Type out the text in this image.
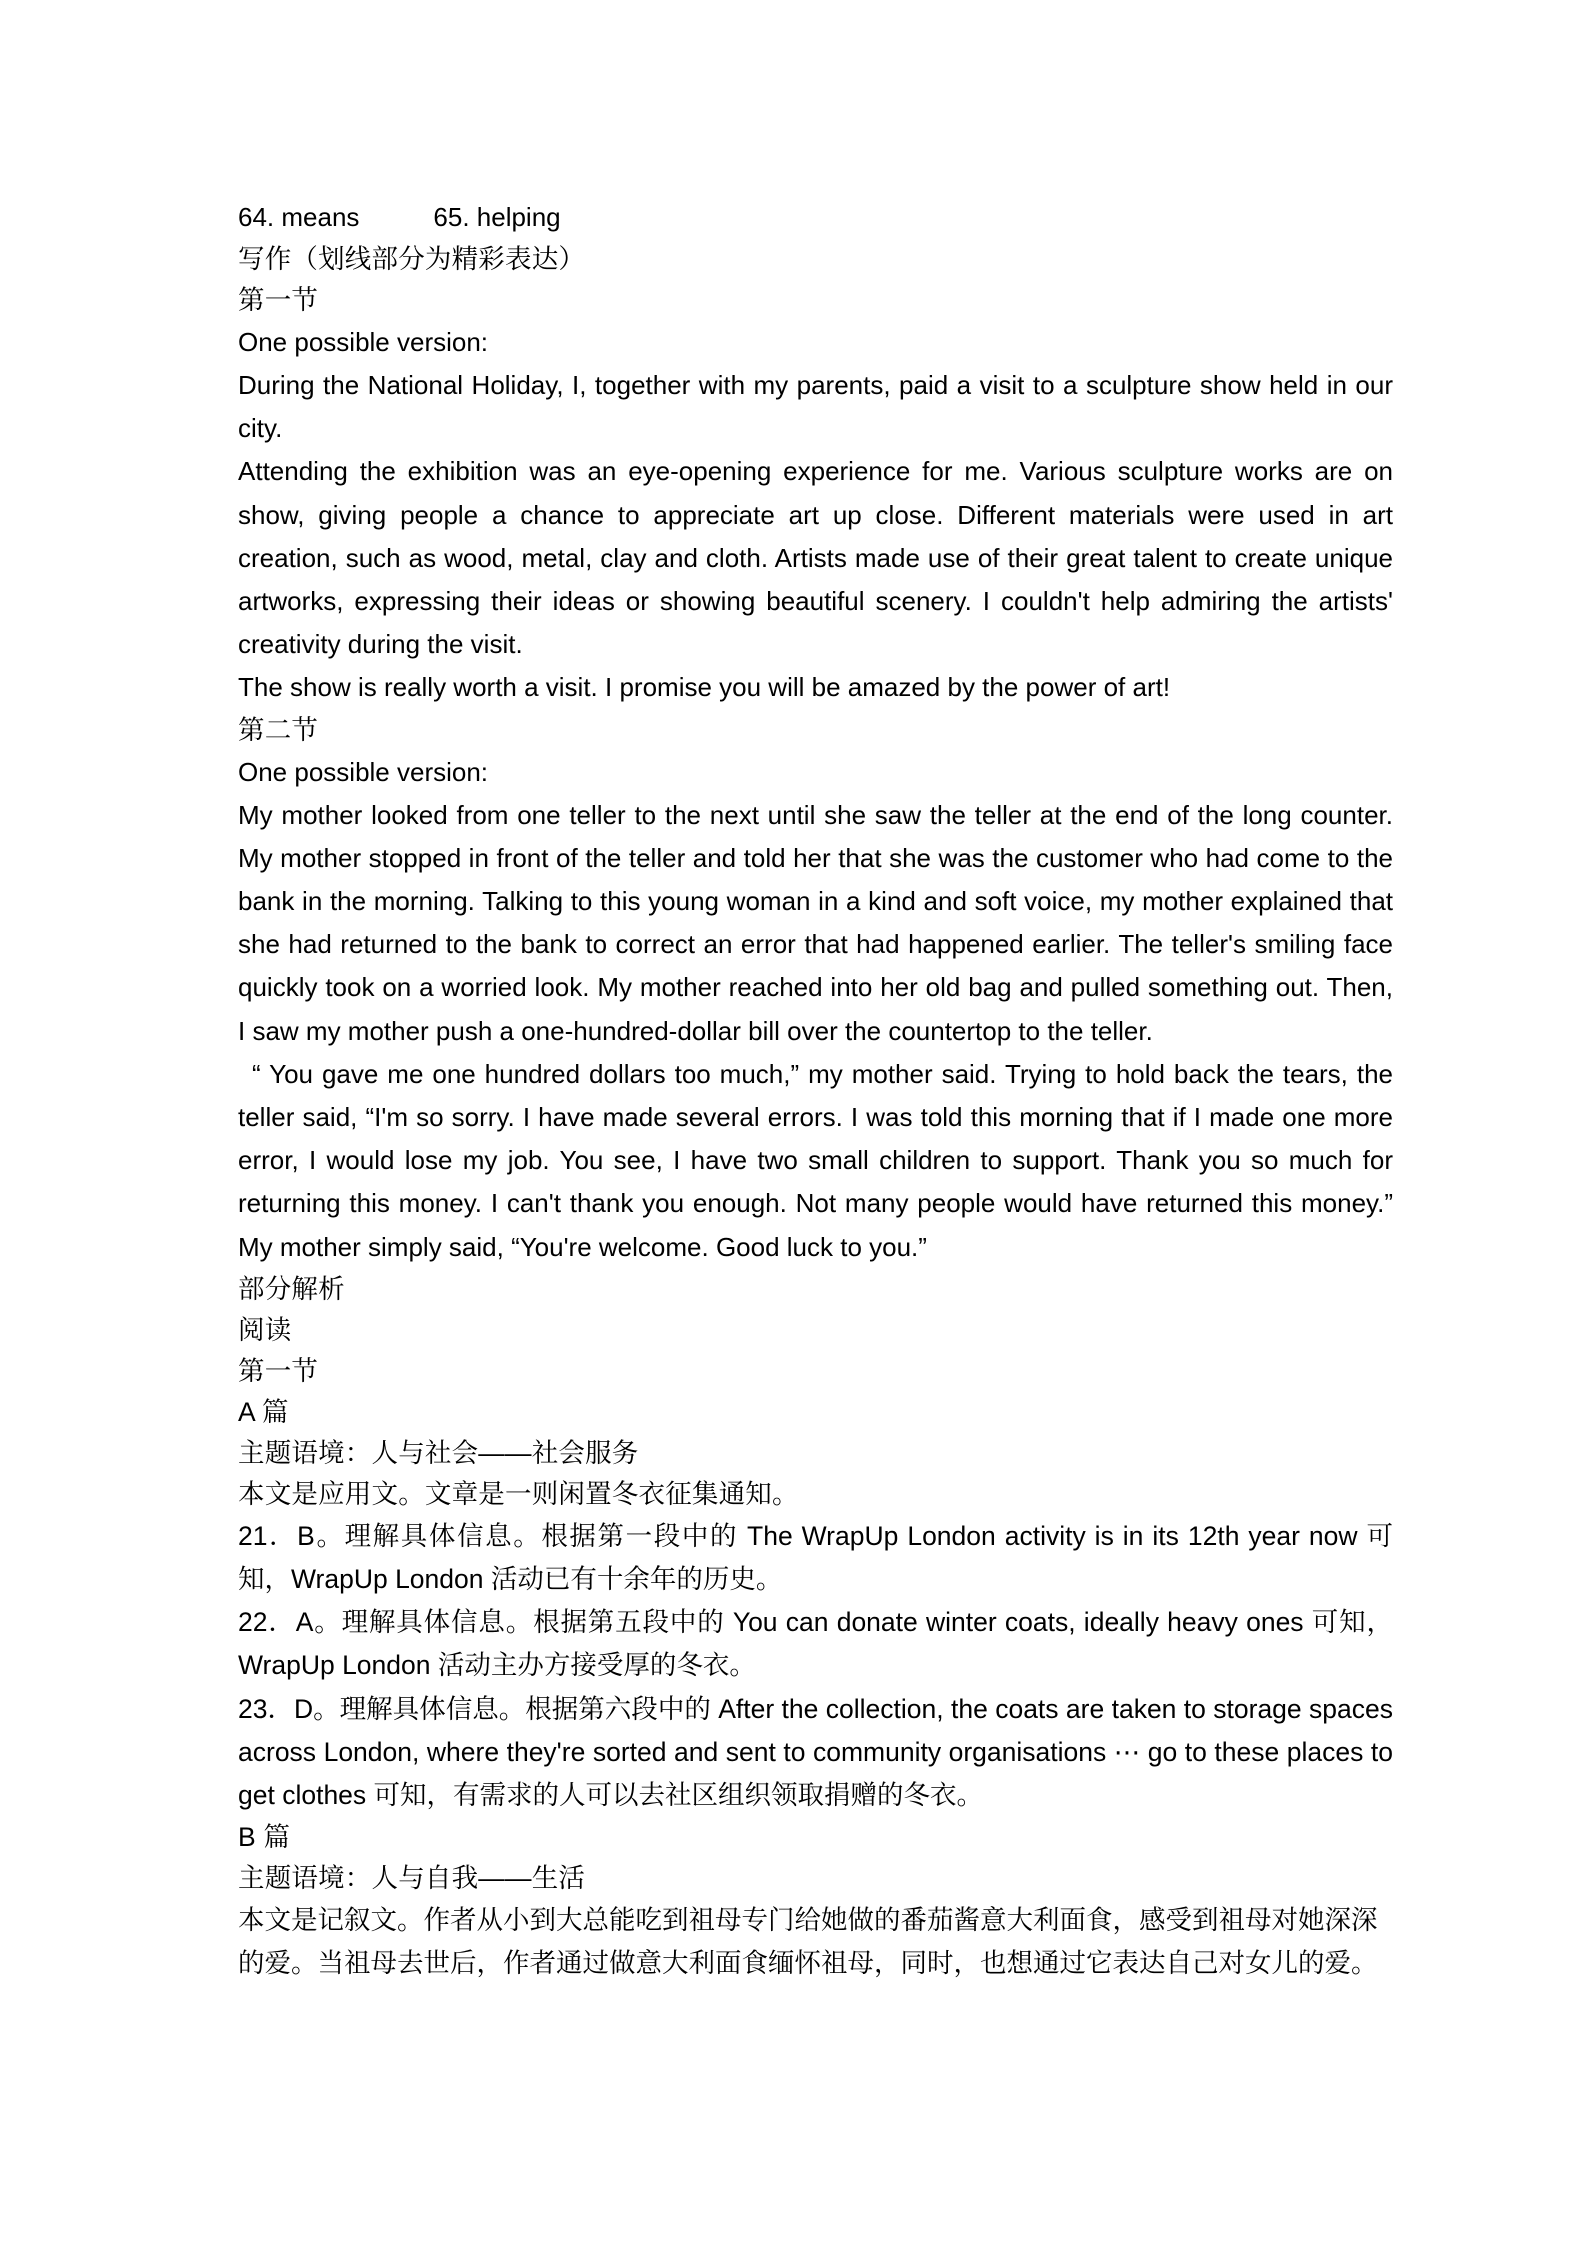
64. means	65. helping
写作（划线部分为精彩表达）
第一节
One possible version:
During the National Holiday, I, together with my parents, paid a visit to a sculpture show held in our city.
Attending the exhibition was an eye-opening experience for me. Various sculpture works are on show, giving people a chance to appreciate art up close. Different materials were used in art creation, such as wood, metal, clay and cloth. Artists made use of their great talent to create unique artworks, expressing their ideas or showing beautiful scenery. I couldn't help admiring the artists' creativity during the visit.
The show is really worth a visit. I promise you will be amazed by the power of art!
第二节
One possible version:
My mother looked from one teller to the next until she saw the teller at the end of the long counter. My mother stopped in front of the teller and told her that she was the customer who had come to the bank in the morning. Talking to this young woman in a kind and soft voice, my mother explained that she had returned to the bank to correct an error that had happened earlier. The teller's smiling face quickly took on a worried look. My mother reached into her old bag and pulled something out. Then, I saw my mother push a one-hundred-dollar bill over the countertop to the teller.
“ You gave me one hundred dollars too much,” my mother said. Trying to hold back the tears, the teller said, “I'm so sorry. I have made several errors. I was told this morning that if I made one more error, I would lose my job. You see, I have two small children to support. Thank you so much for returning this money. I can't thank you enough. Not many people would have returned this money.” My mother simply said, “You're welcome. Good luck to you.”
部分解析
阅读
第一节
A 篇
主题语境：人与社会——社会服务
本文是应用文。文章是一则闲置冬衣征集通知。
21．B。理解具体信息。根据第一段中的 The WrapUp London activity is in its 12th year now 可知，WrapUp London 活动已有十余年的历史。
22．A。理解具体信息。根据第五段中的 You can donate winter coats, ideally heavy ones 可知，WrapUp London 活动主办方接受厚的冬衣。
23．D。理解具体信息。根据第六段中的 After the collection, the coats are taken to storage spaces across London, where they're sorted and sent to community organisations ⋯ go to these places to get clothes 可知，有需求的人可以去社区组织领取捐赠的冬衣。
B 篇
主题语境：人与自我——生活
本文是记叙文。作者从小到大总能吃到祖母专门给她做的番茄酱意大利面食，感受到祖母对她深深的爱。当祖母去世后，作者通过做意大利面食缅怀祖母，同时，也想通过它表达自己对女儿的爱。
